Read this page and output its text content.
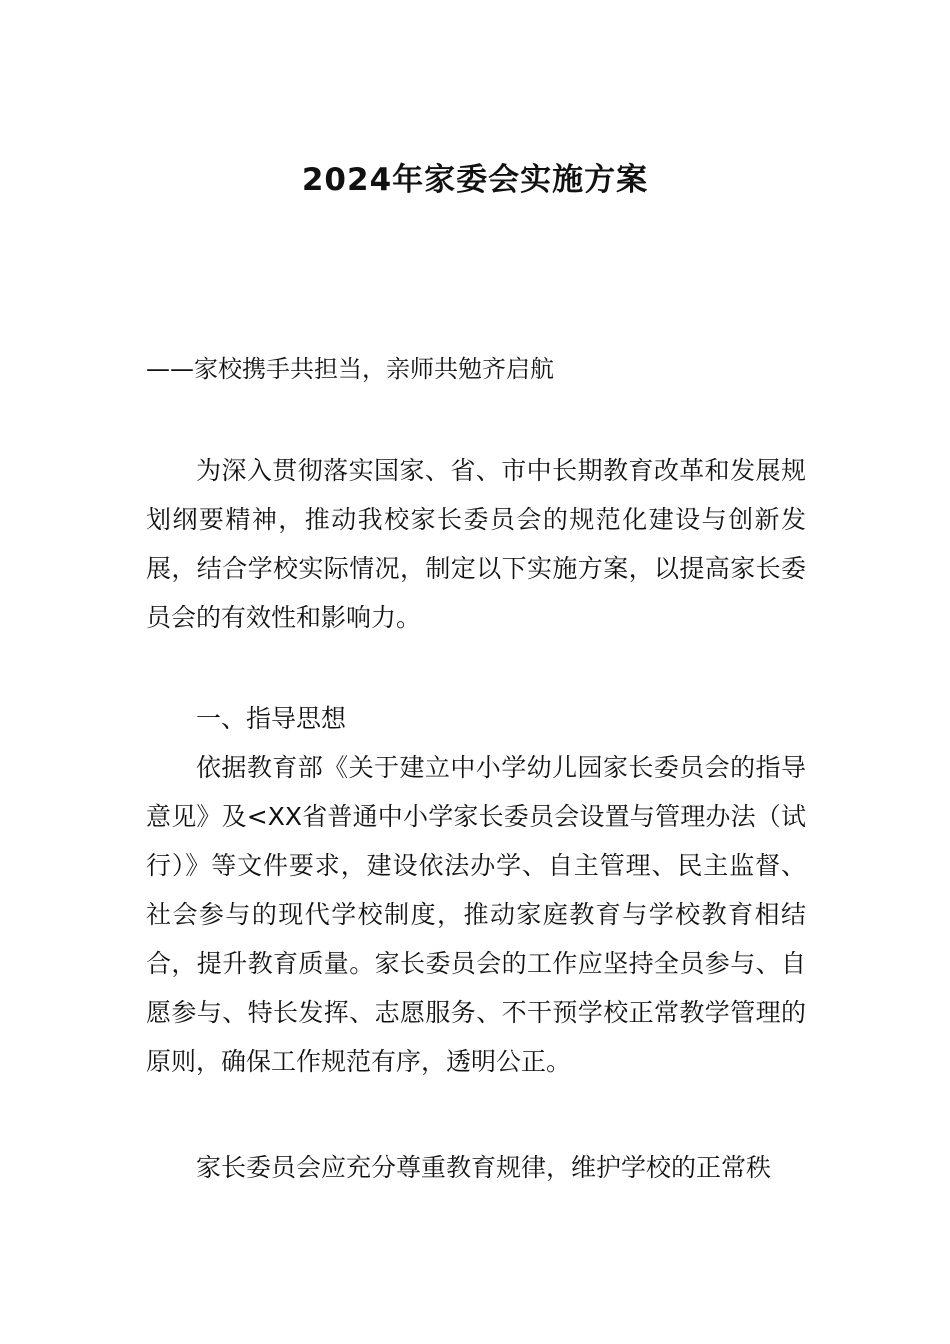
2024年家委会实施方案
——家校携手共担当，亲师共勉齐启航

为深入贯彻落实国家、省、市中长期教育改革和发展规划纲要精神，推动我校家长委员会的规范化建设与创新发展，结合学校实际情况，制定以下实施方案，以提高家长委员会的有效性和影响力。

一、指导思想

依据教育部《关于建立中小学幼儿园家长委员会的指导意见》及<XX省普通中小学家长委员会设置与管理办法（试行）》等文件要求，建设依法办学、自主管理、民主监督、社会参与的现代学校制度，推动家庭教育与学校教育相结合，提升教育质量。家长委员会的工作应坚持全员参与、自愿参与、特长发挥、志愿服务、不干预学校正常教学管理的原则，确保工作规范有序，透明公正。

家长委员会应充分尊重教育规律，维护学校的正常秩
